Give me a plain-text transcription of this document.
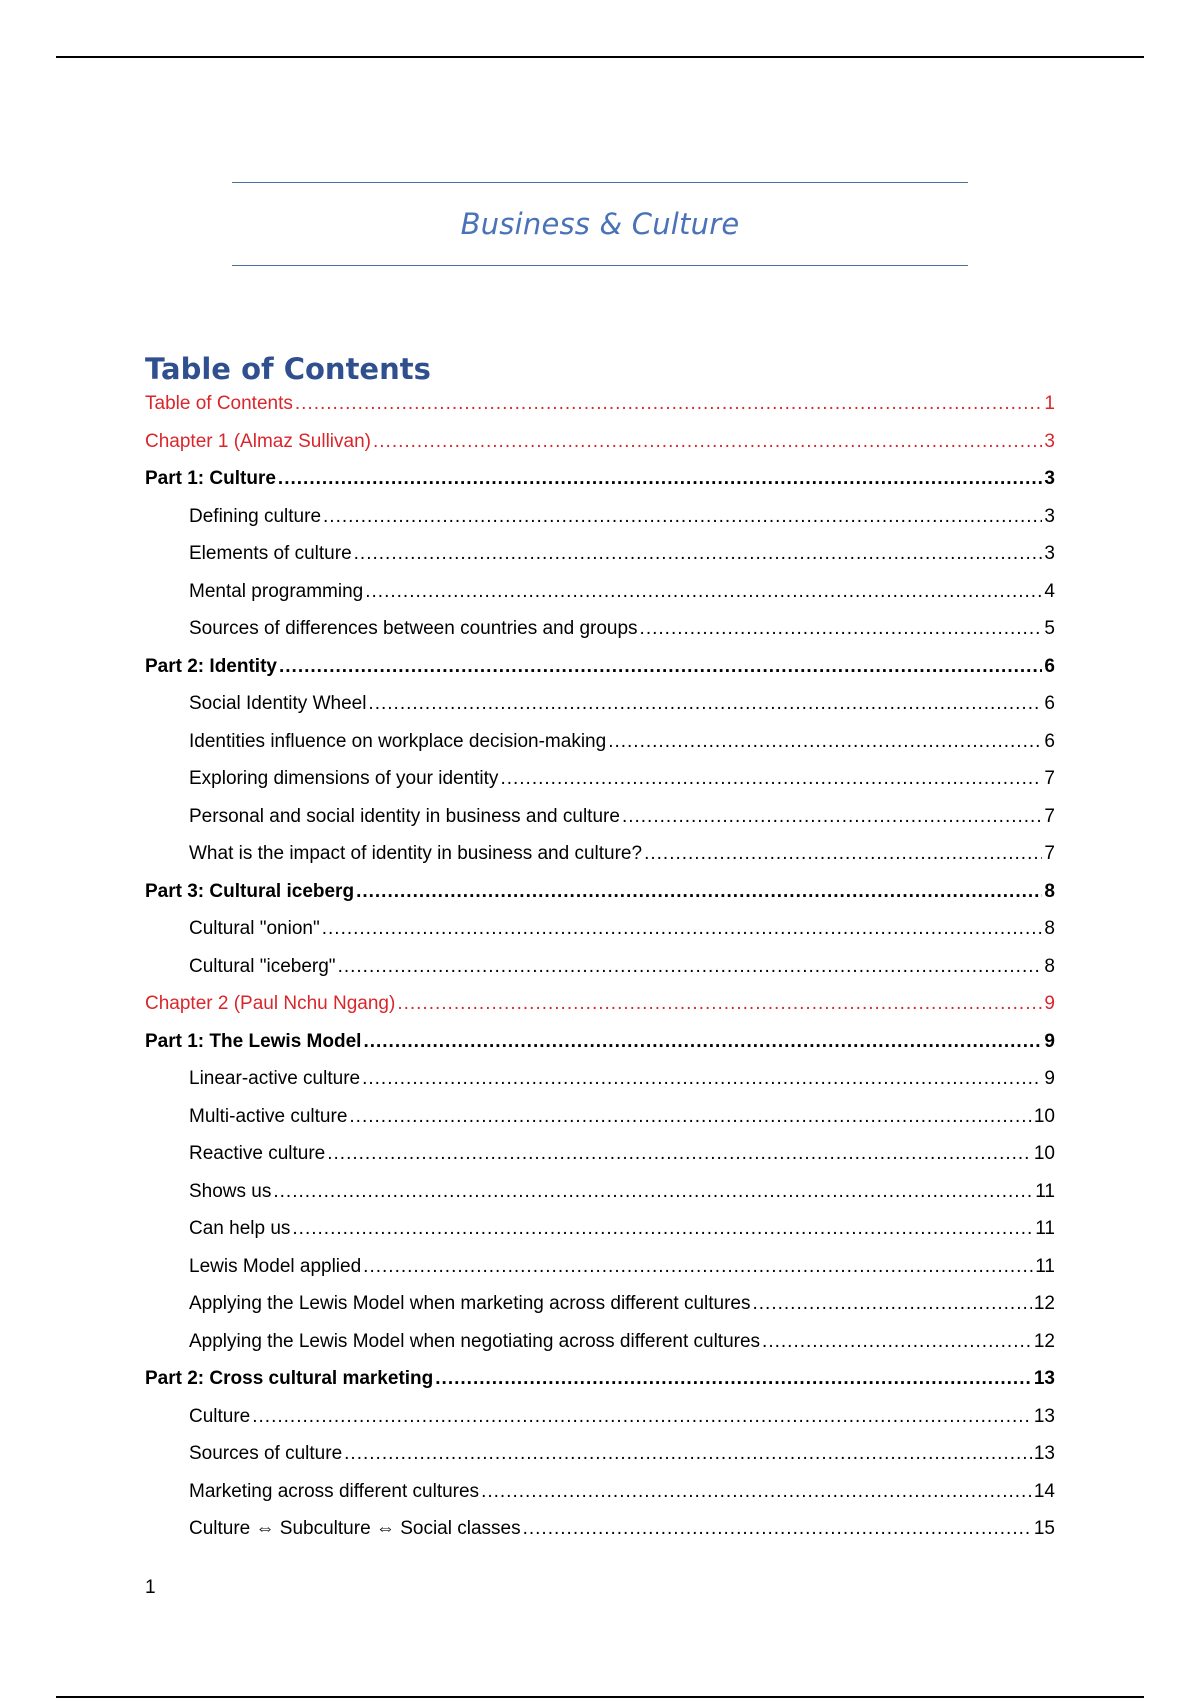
Business & Culture
Table of Contents
Table of Contents .....	1
Chapter 1 (Almaz Sullivan) .....	3
Part 1: Culture .....	3
Defining culture .....	3
Elements of culture .....	3
Mental programming .....	4
Sources of differences between countries and groups .....	5
Part 2: Identity .....	6
Social Identity Wheel .....	6
Identities influence on workplace decision-making .....	6
Exploring dimensions of your identity .....	7
Personal and social identity in business and culture .....	7
What is the impact of identity in business and culture? .....	7
Part 3: Cultural iceberg .....	8
Cultural "onion" .....	8
Cultural "iceberg" .....	8
Chapter 2 (Paul Nchu Ngang) .....	9
Part 1: The Lewis Model .....	9
Linear-active culture .....	9
Multi-active culture .....	10
Reactive culture .....	10
Shows us .....	11
Can help us .....	11
Lewis Model applied .....	11
Applying the Lewis Model when marketing across different cultures .....	12
Applying the Lewis Model when negotiating across different cultures .....	12
Part 2: Cross cultural marketing .....	13
Culture .....	13
Sources of culture .....	13
Marketing across different cultures .....	14
Culture ⇔ Subculture ⇔ Social classes .....	15
1
